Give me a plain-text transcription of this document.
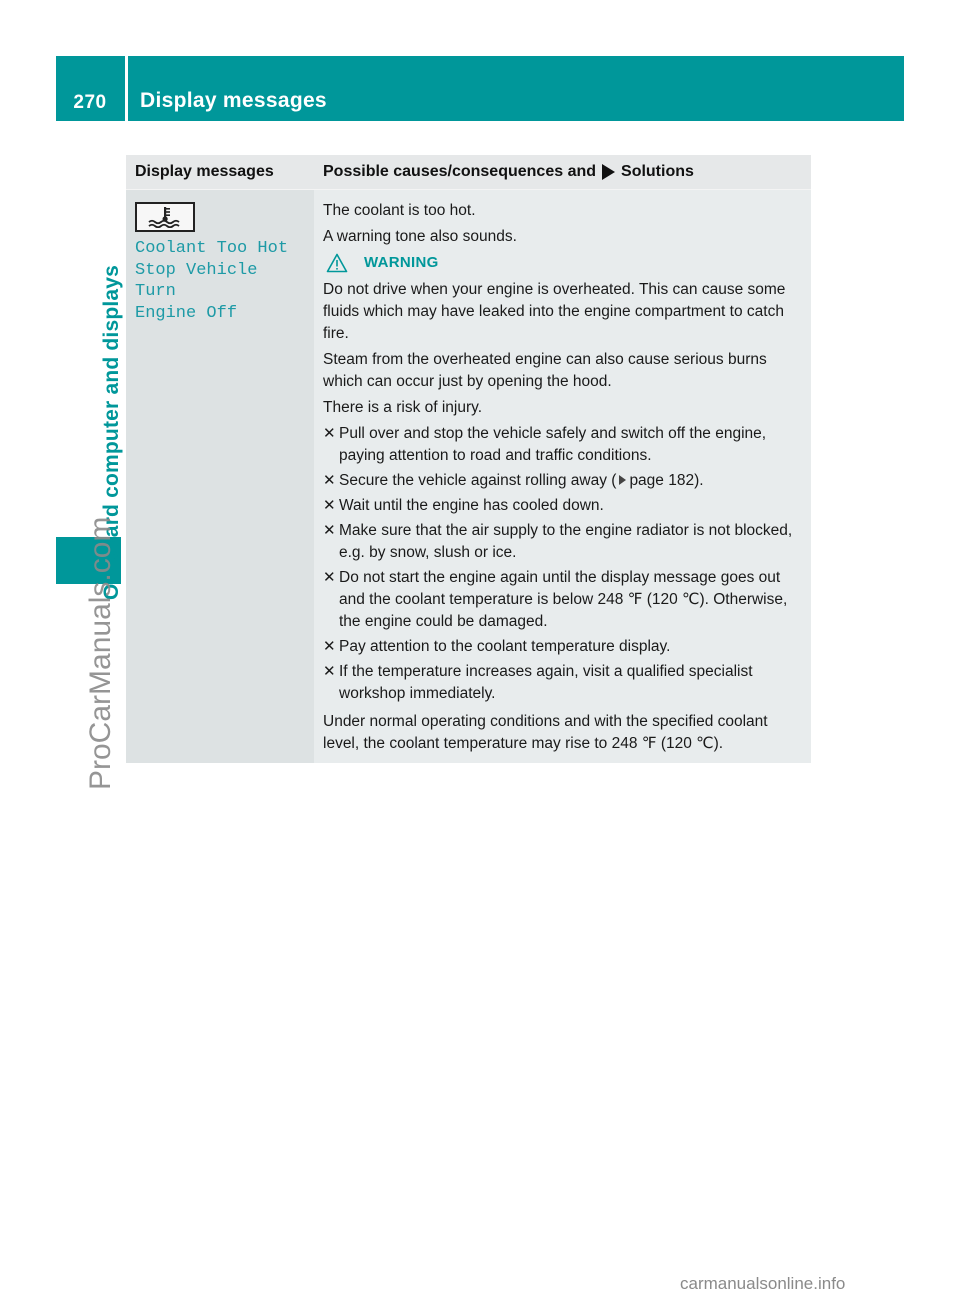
270	Display messages
On-board computer and displays
ProCarManuals.com
Display messages	Possible causes/consequences and Solutions
Coolant Too Hot
Stop Vehicle Turn
Engine Off

The coolant is too hot.

A warning tone also sounds.

WARNING

Do not drive when your engine is overheated. This can cause some fluids which may have leaked into the engine compartment to catch fire.

Steam from the overheated engine can also cause serious burns which can occur just by opening the hood.

There is a risk of injury.

✕ Pull over and stop the vehicle safely and switch off the engine, paying attention to road and traffic conditions.
✕ Secure the vehicle against rolling away ( page 182).
✕ Wait until the engine has cooled down.
✕ Make sure that the air supply to the engine radiator is not blocked, e.g. by snow, slush or ice.
✕ Do not start the engine again until the display message goes out and the coolant temperature is below 248 ℉ (120 ℃). Otherwise, the engine could be damaged.
✕ Pay attention to the coolant temperature display.
✕ If the temperature increases again, visit a qualified specialist workshop immediately.

Under normal operating conditions and with the specified coolant level, the coolant temperature may rise to 248 ℉ (120 ℃).

carmanualsonline.info
